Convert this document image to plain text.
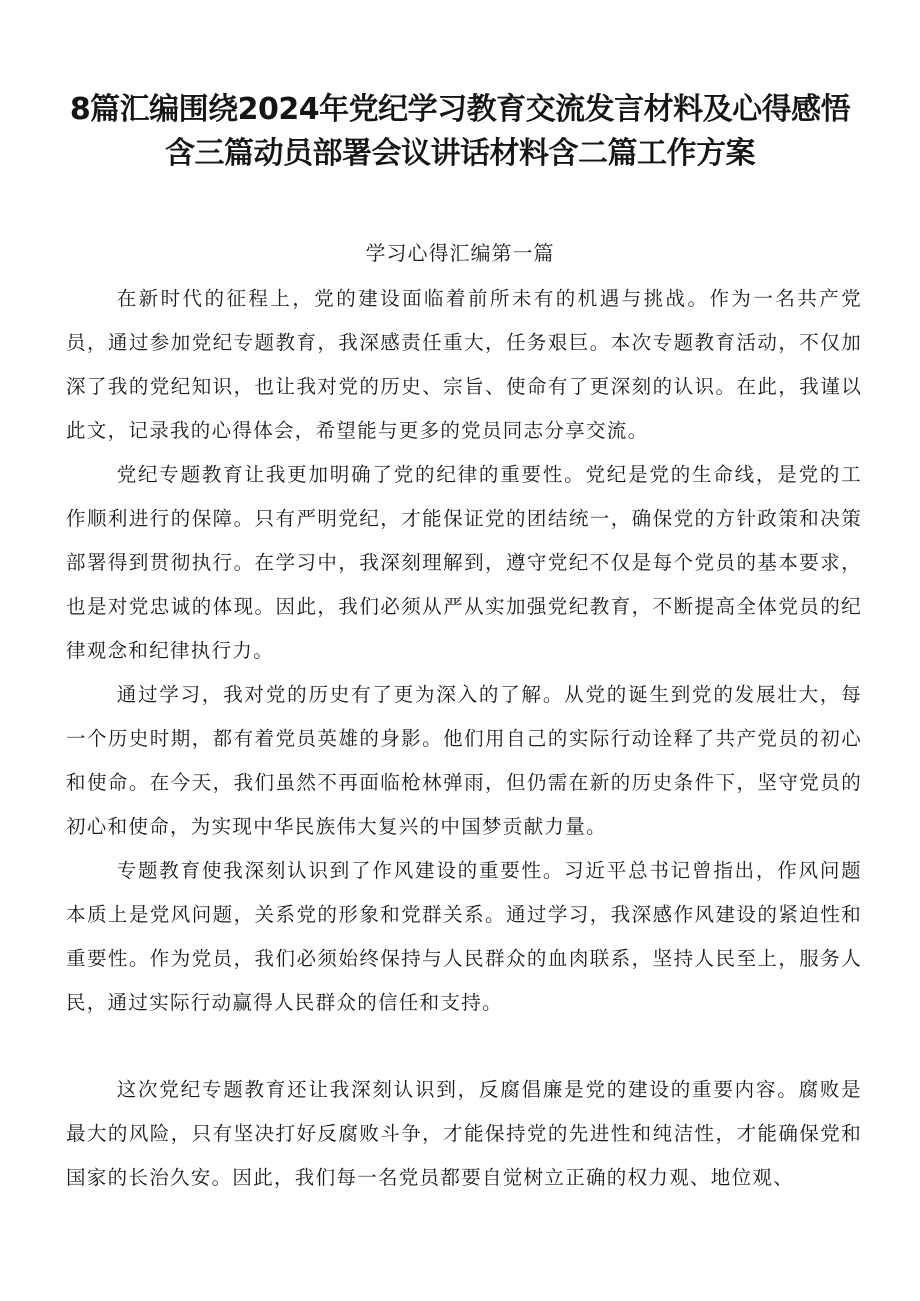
8篇汇编围绕2024年党纪学习教育交流发言材料及心得感悟含三篇动员部署会议讲话材料含二篇工作方案
学习心得汇编第一篇

在新时代的征程上，党的建设面临着前所未有的机遇与挑战。作为一名共产党员，通过参加党纪专题教育，我深感责任重大，任务艰巨。本次专题教育活动，不仅加深了我的党纪知识，也让我对党的历史、宗旨、使命有了更深刻的认识。在此，我谨以此文，记录我的心得体会，希望能与更多的党员同志分享交流。

党纪专题教育让我更加明确了党的纪律的重要性。党纪是党的生命线，是党的工作顺利进行的保障。只有严明党纪，才能保证党的团结统一，确保党的方针政策和决策部署得到贯彻执行。在学习中，我深刻理解到，遵守党纪不仅是每个党员的基本要求，也是对党忠诚的体现。因此，我们必须从严从实加强党纪教育，不断提高全体党员的纪律观念和纪律执行力。

通过学习，我对党的历史有了更为深入的了解。从党的诞生到党的发展壮大，每一个历史时期，都有着党员英雄的身影。他们用自己的实际行动诠释了共产党员的初心和使命。在今天，我们虽然不再面临枪林弹雨，但仍需在新的历史条件下，坚守党员的初心和使命，为实现中华民族伟大复兴的中国梦贡献力量。

专题教育使我深刻认识到了作风建设的重要性。习近平总书记曾指出，作风问题本质上是党风问题，关系党的形象和党群关系。通过学习，我深感作风建设的紧迫性和重要性。作为党员，我们必须始终保持与人民群众的血肉联系，坚持人民至上，服务人民，通过实际行动赢得人民群众的信任和支持。

这次党纪专题教育还让我深刻认识到，反腐倡廉是党的建设的重要内容。腐败是最大的风险，只有坚决打好反腐败斗争，才能保持党的先进性和纯洁性，才能确保党和国家的长治久安。因此，我们每一名党员都要自觉树立正确的权力观、地位观、
